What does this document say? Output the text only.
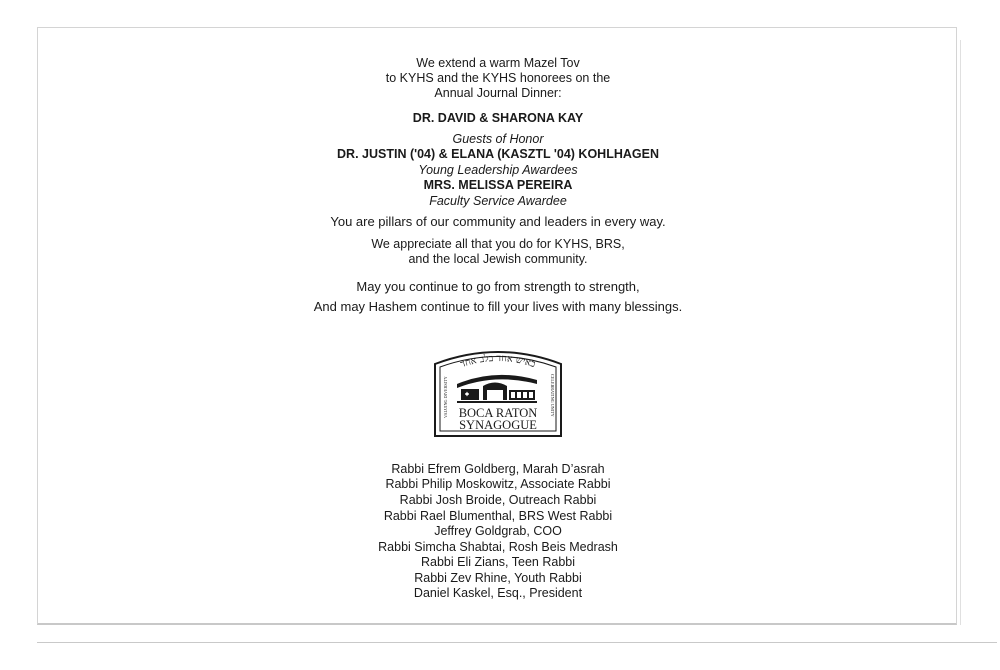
We extend a warm Mazel Tov
to KYHS and the KYHS honorees on the
Annual Journal Dinner:
DR. DAVID & SHARONA KAY
Guests of Honor
DR. JUSTIN ('04) & ELANA (KASZTL '04) KOHLHAGEN
Young Leadership Awardees
MRS. MELISSA PEREIRA
Faculty Service Awardee
You are pillars of our community and leaders in every way.
We appreciate all that you do for KYHS, BRS,
and the local Jewish community.
May you continue to go from strength to strength,
And may Hashem continue to fill your lives with many blessings.
כאיש אחד בלב אחד
VALUING DIVERSITY	CELEBRATING UNITY
BOCA RATON
SYNAGOGUE
Rabbi Efrem Goldberg, Marah D’asrah
Rabbi Philip Moskowitz, Associate Rabbi
Rabbi Josh Broide, Outreach Rabbi
Rabbi Rael Blumenthal, BRS West Rabbi
Jeffrey Goldgrab, COO
Rabbi Simcha Shabtai, Rosh Beis Medrash
Rabbi Eli Zians, Teen Rabbi
Rabbi Zev Rhine, Youth Rabbi
Daniel Kaskel, Esq., President
